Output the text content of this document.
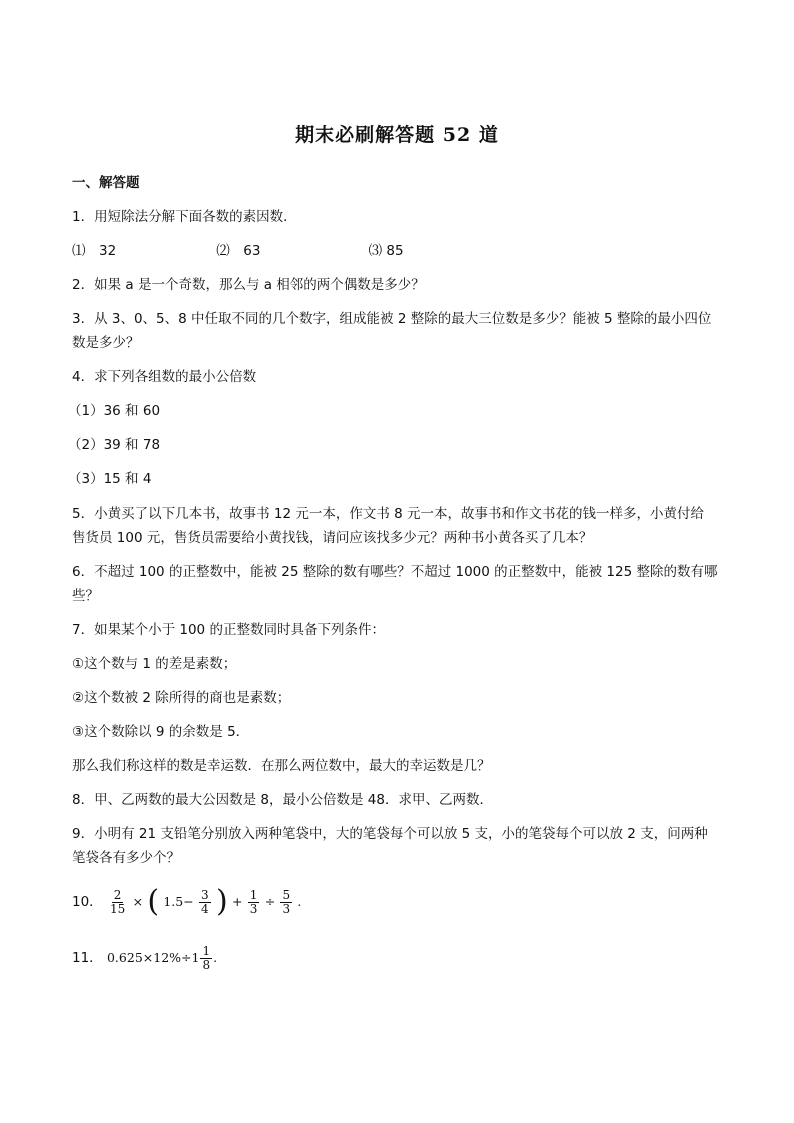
期末必刷解答题 52 道
一、解答题
1．用短除法分解下面各数的素因数．
⑴　32	⑵　63	⑶ 85
2．如果 a 是一个奇数，那么与 a 相邻的两个偶数是多少？
3．从 3、0、5、8 中任取不同的几个数字，组成能被 2 整除的最大三位数是多少？能被 5 整除的最小四位
数是多少？
4．求下列各组数的最小公倍数
（1）36 和 60
（2）39 和 78
（3）15 和 4
5．小黄买了以下几本书，故事书 12 元一本，作文书 8 元一本，故事书和作文书花的钱一样多，小黄付给
售货员 100 元，售货员需要给小黄找钱，请问应该找多少元？两种书小黄各买了几本？
6．不超过 100 的正整数中，能被 25 整除的数有哪些？不超过 1000 的正整数中，能被 125 整除的数有哪
些？
7．如果某个小于 100 的正整数同时具备下列条件：
①这个数与 1 的差是素数；
②这个数被 2 除所得的商也是素数；
③这个数除以 9 的余数是 5．
那么我们称这样的数是幸运数．在那么两位数中，最大的幸运数是几？
8．甲、乙两数的最大公因数是 8，最小公倍数是 48．求甲、乙两数．
9．小明有 21 支铅笔分别放入两种笔袋中，大的笔袋每个可以放 5 支，小的笔袋每个可以放 2 支，问两种
笔袋各有多少个？
10． $\frac{2}{15}$ × ( $1.5- \frac{3}{4}$ ) + $\frac{1}{3} \div \frac{5}{3}$ .
11． $0.625\times 12\%\div 1 \frac{1}{8}$ .
